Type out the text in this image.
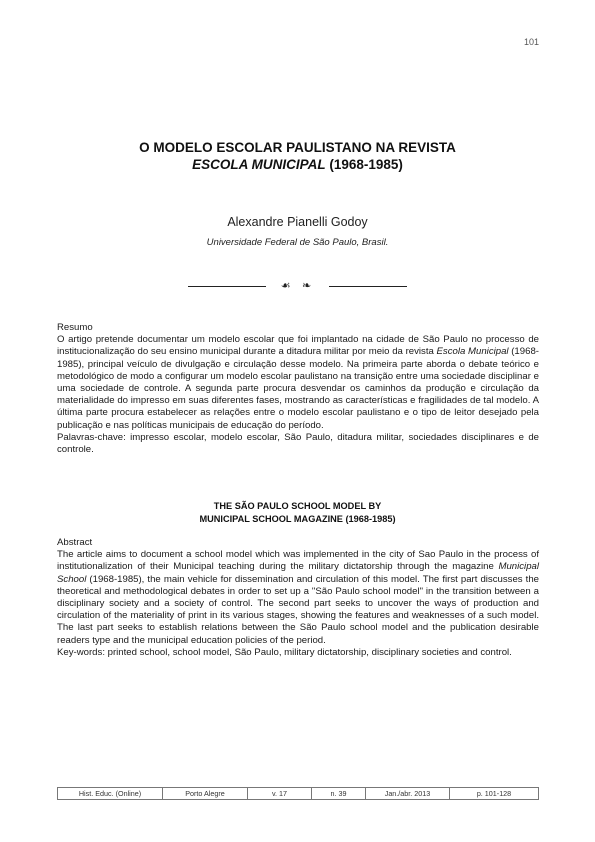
101
O MODELO ESCOLAR PAULISTANO NA REVISTA
ESCOLA MUNICIPAL (1968-1985)
Alexandre Pianelli Godoy
Universidade Federal de São Paulo, Brasil.
☙ ❧

Resumo

O artigo pretende documentar um modelo escolar que foi implantado na cidade de São Paulo no processo de institucionalização do seu ensino municipal durante a ditadura militar por meio da revista Escola Municipal (1968-1985), principal veículo de divulgação e circulação desse modelo. Na primeira parte aborda o debate teórico e metodológico de modo a configurar um modelo escolar paulistano na transição entre uma sociedade disciplinar e uma sociedade de controle. A segunda parte procura desvendar os caminhos da produção e circulação da materialidade do impresso em suas diferentes fases, mostrando as características e fragilidades de tal modelo. A última parte procura estabelecer as relações entre o modelo escolar paulistano e o tipo de leitor desejado pela publicação e nas políticas municipais de educação do período.

Palavras-chave: impresso escolar, modelo escolar, São Paulo, ditadura militar, sociedades disciplinares e de controle.

THE SÃO PAULO SCHOOL MODEL BY
MUNICIPAL SCHOOL MAGAZINE (1968-1985)

Abstract

The article aims to document a school model which was implemented in the city of Sao Paulo in the process of institutionalization of their Municipal teaching during the military dictatorship through the magazine Municipal School (1968-1985), the main vehicle for dissemination and circulation of this model. The first part discusses the theoretical and methodological debates in order to set up a "São Paulo school model" in the transition between a disciplinary society and a society of control. The second part seeks to uncover the ways of production and circulation of the materiality of print in its various stages, showing the features and weaknesses of a such model. The last part seeks to establish relations between the São Paulo school model and the publication desirable readers type and the municipal education policies of the period.

Key-words: printed school, school model, São Paulo, military dictatorship, disciplinary societies and control.

Hist. Educ. (Online)	Porto Alegre	v. 17	n. 39	Jan./abr. 2013	p. 101-128
